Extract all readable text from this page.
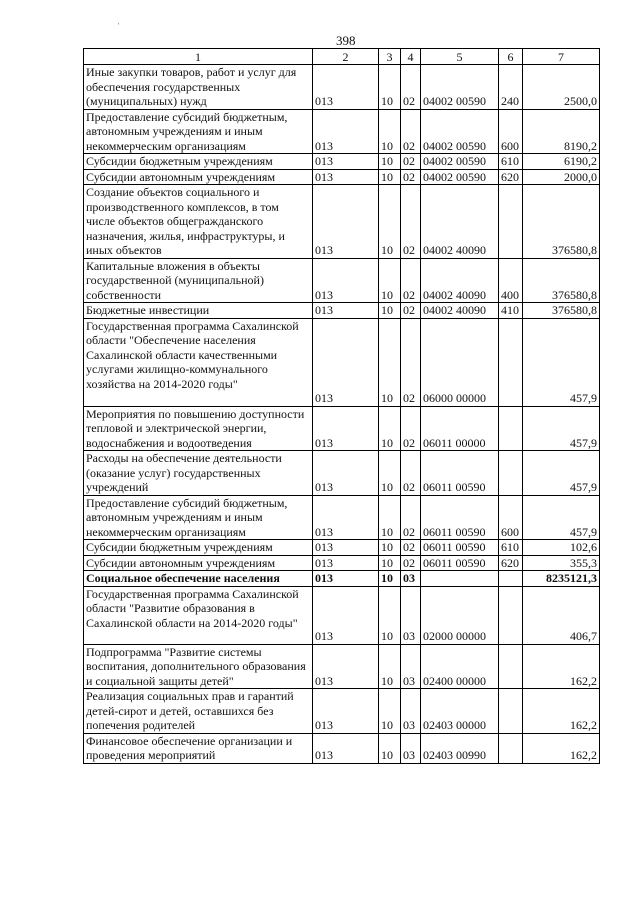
398
ˌ
1	2	3	4	5	6	7
Иные закупки товаров, работ и услуг для обеспечения государственных (муниципальных) нужд	013	10	02	04002 00590	240	2500,0
Предоставление субсидий бюджетным, автономным учреждениям и иным некоммерческим организациям	013	10	02	04002 00590	600	8190,2
Субсидии бюджетным учреждениям	013	10	02	04002 00590	610	6190,2
Субсидии автономным учреждениям	013	10	02	04002 00590	620	2000,0
Создание объектов социального и производственного комплексов, в том числе объектов общегражданского назначения, жилья, инфраструктуры, и иных объектов	013	10	02	04002 40090		376580,8
Капитальные вложения в объекты государственной (муниципальной) собственности	013	10	02	04002 40090	400	376580,8
Бюджетные инвестиции	013	10	02	04002 40090	410	376580,8
Государственная программа Сахалинской области "Обеспечение населения Сахалинской области качественными услугами жилищно-коммунального хозяйства на 2014-2020 годы"	013	10	02	06000 00000		457,9
Мероприятия по повышению доступности тепловой и электрической энергии, водоснабжения и водоотведения	013	10	02	06011 00000		457,9
Расходы на обеспечение деятельности (оказание услуг) государственных учреждений	013	10	02	06011 00590		457,9
Предоставление субсидий бюджетным, автономным учреждениям и иным некоммерческим организациям	013	10	02	06011 00590	600	457,9
Субсидии бюджетным учреждениям	013	10	02	06011 00590	610	102,6
Субсидии автономным учреждениям	013	10	02	06011 00590	620	355,3
Социальное обеспечение населения	013	10	03			8235121,3
Государственная программа Сахалинской области "Развитие образования в Сахалинской области на 2014-2020 годы"	013	10	03	02000 00000		406,7
Подпрограмма "Развитие системы воспитания, дополнительного образования и социальной защиты детей"	013	10	03	02400 00000		162,2
Реализация социальных прав и гарантий детей-сирот и детей, оставшихся без попечения родителей	013	10	03	02403 00000		162,2
Финансовое обеспечение организации и проведения мероприятий	013	10	03	02403 00990		162,2
